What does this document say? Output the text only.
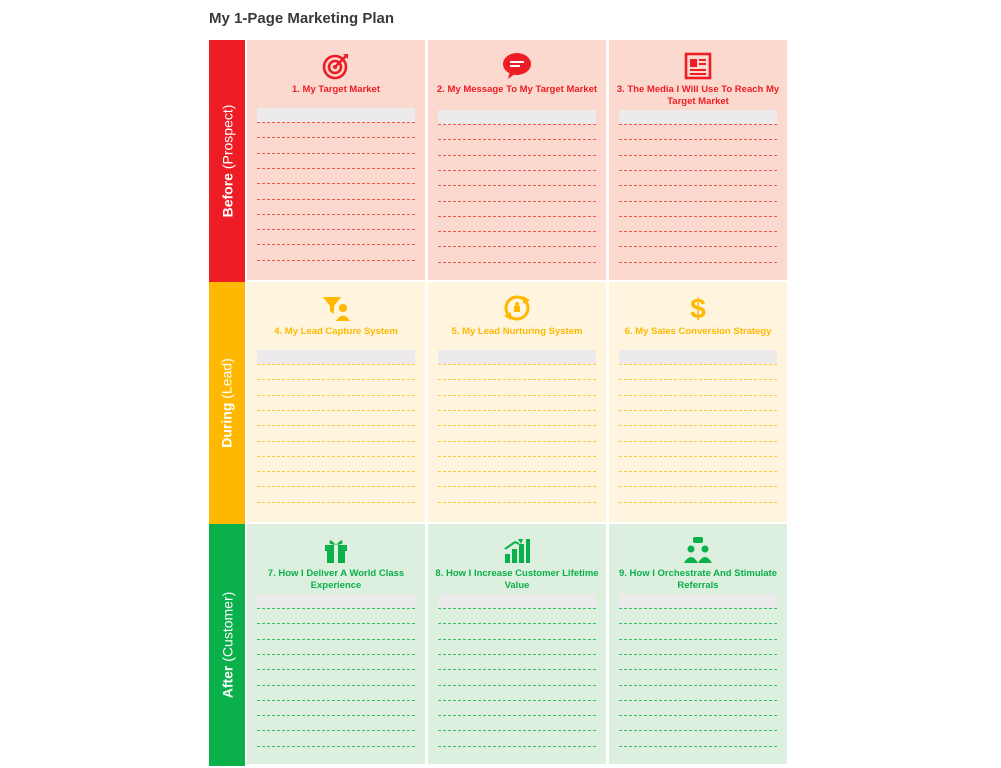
My 1-Page Marketing Plan
Before (Prospect)
1. My Target Market	2. My Message To My Target Market	3. The Media I Will Use To Reach My Target Market
During (Lead)
4. My Lead Capture System	5. My Lead Nurturing System
$
6. My Sales Conversion Strategy
After (Customer)
7. How I Deliver A World Class Experience
8. How I Increase Customer Lifetime Value
9. How I Orchestrate And Stimulate Referrals
